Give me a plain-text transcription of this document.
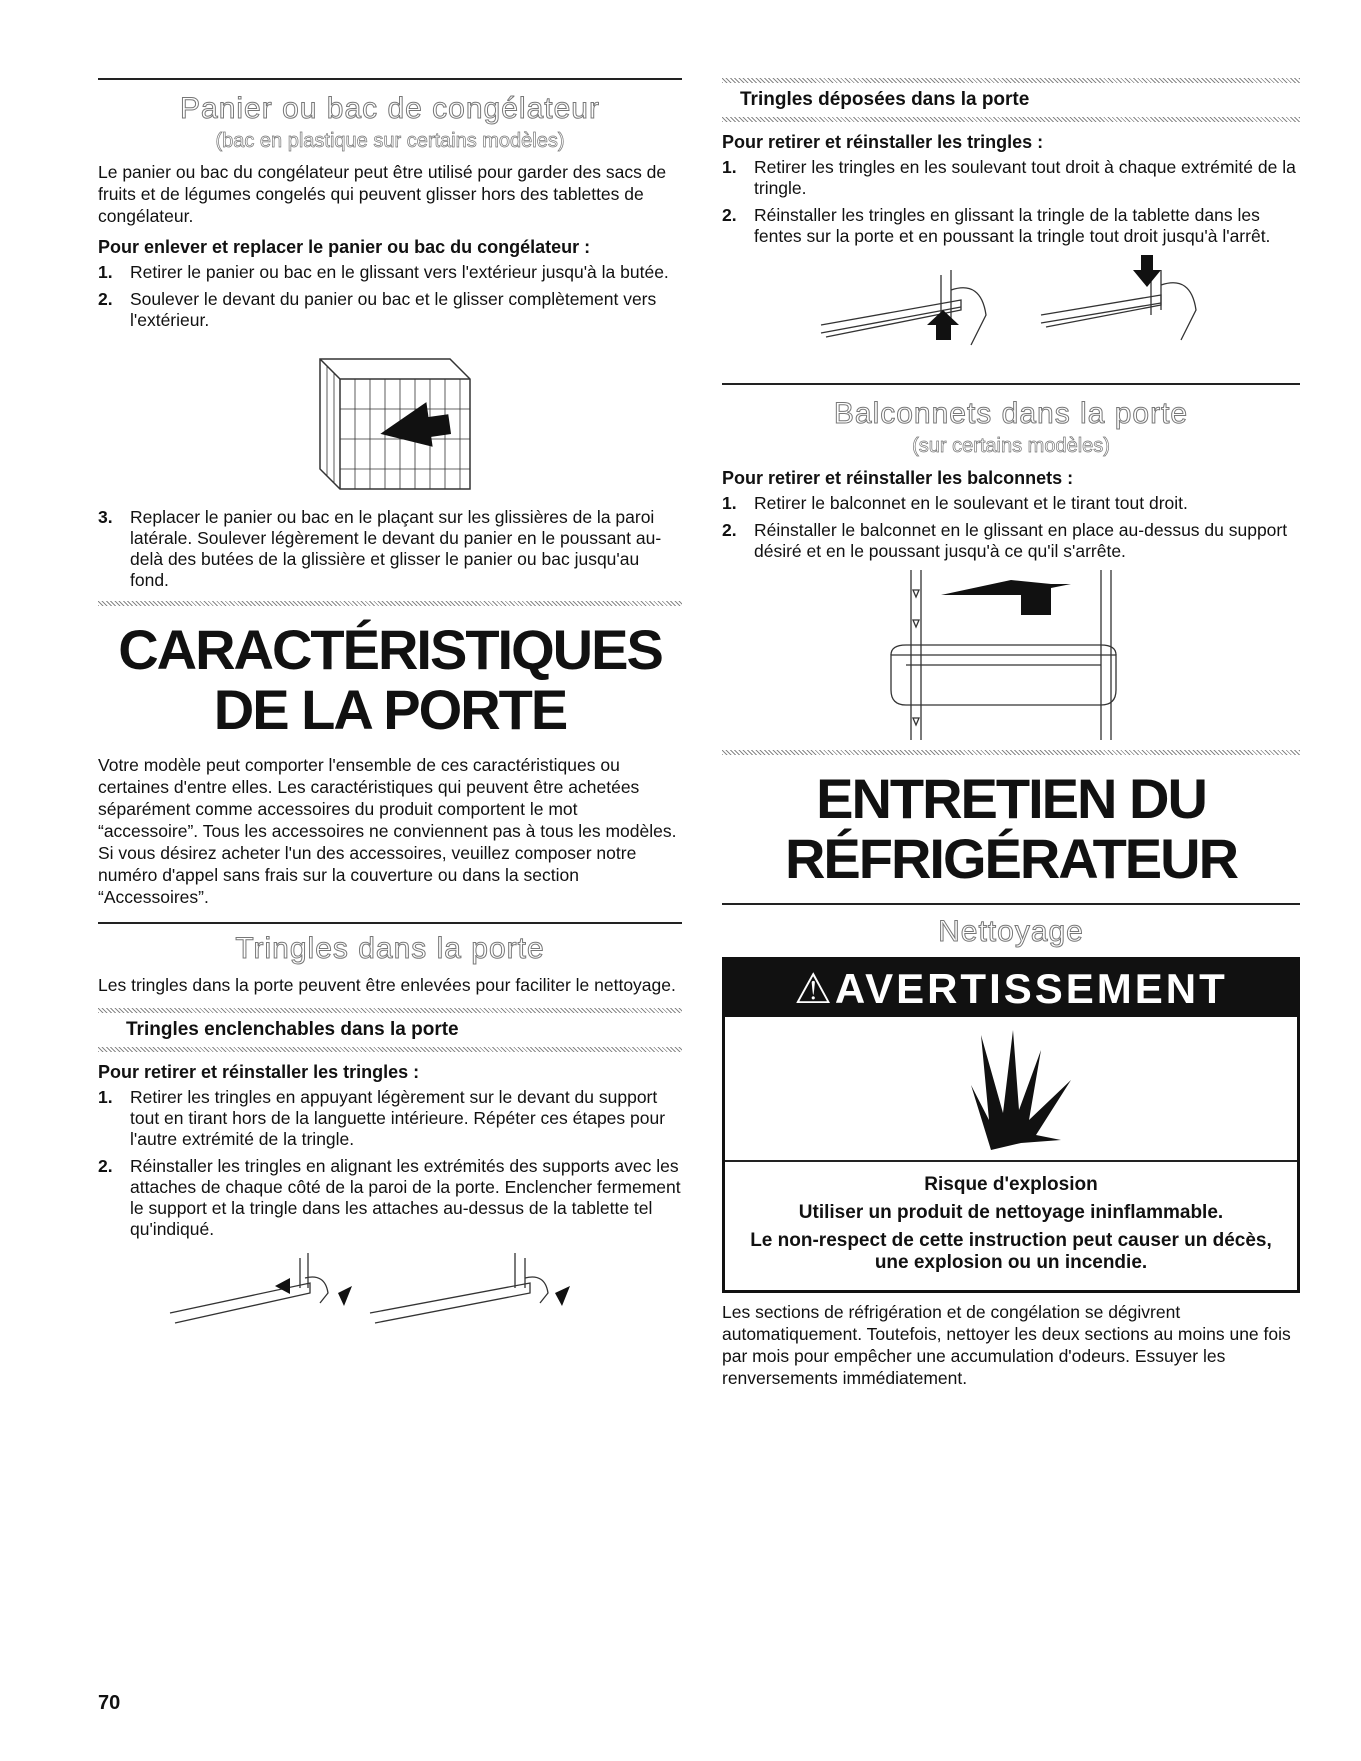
Panier ou bac de congélateur
(bac en plastique sur certains modèles)

Le panier ou bac du congélateur peut être utilisé pour garder des sacs de fruits et de légumes congelés qui peuvent glisser hors des tablettes de congélateur.

Pour enlever et replacer le panier ou bac du congélateur :
1. Retirer le panier ou bac en le glissant vers l'extérieur jusqu'à la butée.
2. Soulever le devant du panier ou bac et le glisser complètement vers l'extérieur.
3. Replacer le panier ou bac en le plaçant sur les glissières de la paroi latérale. Soulever légèrement le devant du panier en le poussant au-delà des butées de la glissière et glisser le panier ou bac jusqu'au fond.
CARACTÉRISTIQUES
DE LA PORTE

Votre modèle peut comporter l'ensemble de ces caractéristiques ou certaines d'entre elles. Les caractéristiques qui peuvent être achetées séparément comme accessoires du produit comportent le mot “accessoire”. Tous les accessoires ne conviennent pas à tous les modèles. Si vous désirez acheter l'un des accessoires, veuillez composer notre numéro d'appel sans frais sur la couverture ou dans la section “Accessoires”.

Tringles dans la porte

Les tringles dans la porte peuvent être enlevées pour faciliter le nettoyage.

Tringles enclenchables dans la porte
Pour retirer et réinstaller les tringles :
1. Retirer les tringles en appuyant légèrement sur le devant du support tout en tirant hors de la languette intérieure. Répéter ces étapes pour l'autre extrémité de la tringle.
2. Réinstaller les tringles en alignant les extrémités des supports avec les attaches de chaque côté de la paroi de la porte. Enclencher fermement le support et la tringle dans les attaches au-dessus de la tablette tel qu'indiqué.
Tringles déposées dans la porte
Pour retirer et réinstaller les tringles :
1. Retirer les tringles en les soulevant tout droit à chaque extrémité de la tringle.
2. Réinstaller les tringles en glissant la tringle de la tablette dans les fentes sur la porte et en poussant la tringle tout droit jusqu'à l'arrêt.
Balconnets dans la porte
(sur certains modèles)
Pour retirer et réinstaller les balconnets :
1. Retirer le balconnet en le soulevant et le tirant tout droit.
2. Réinstaller le balconnet en le glissant en place au-dessus du support désiré et en le poussant jusqu'à ce qu'il s'arrête.
ENTRETIEN DU
RÉFRIGÉRATEUR
Nettoyage
⚠AVERTISSEMENT
Risque d'explosion
Utiliser un produit de nettoyage ininflammable.
Le non-respect de cette instruction peut causer un décès, une explosion ou un incendie.

Les sections de réfrigération et de congélation se dégivrent automatiquement. Toutefois, nettoyer les deux sections au moins une fois par mois pour empêcher une accumulation d'odeurs. Essuyer les renversements immédiatement.

70
